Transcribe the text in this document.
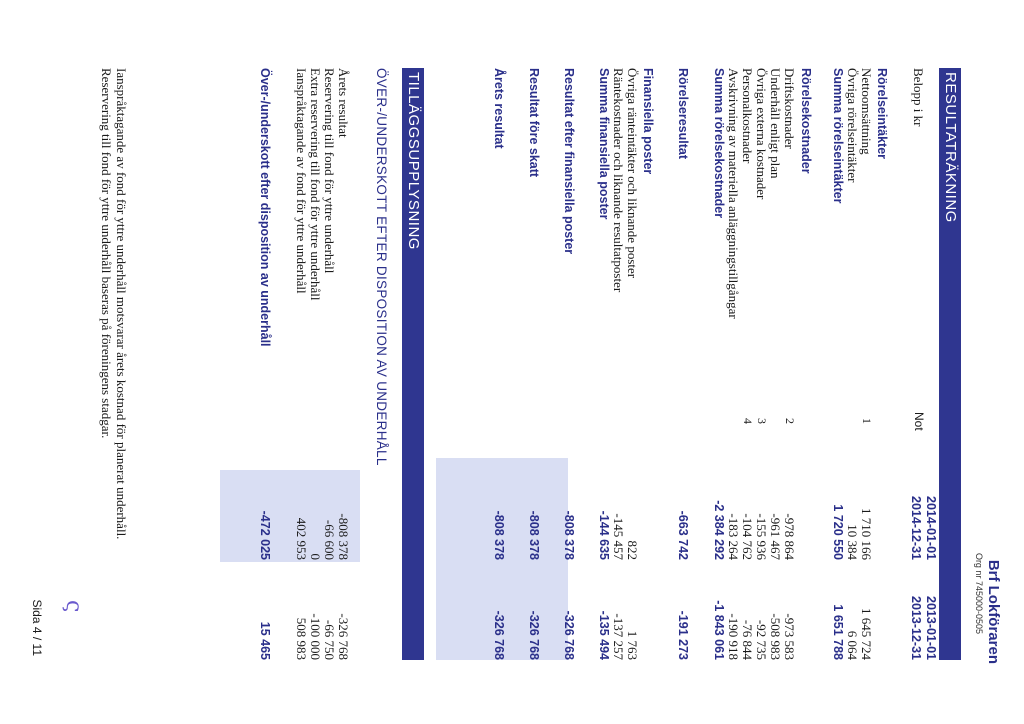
Brf Lokföraren
Org nr 745000-0505
RESULTATRÄKNING
Belopp i kr
Not
2014-01-01
2014-12-31
2013-01-01
2013-12-31
Rörelseintäkter
Nettoomsättning
1
1 710 166
1 645 724
Övriga rörelseintäkter
10 384
6 064
Summa rörelseintäkter
1 720 550
1 651 788
Rörelsekostnader
Driftskostnader
2
-978 864
-973 583
Underhåll enligt plan
-961 467
-508 983
Övriga externa kostnader
3
-155 936
-92 735
Personalkostnader
4
-104 762
-76 844
Avskrivning av materiella anläggningstillgångar
-183 264
-190 918
Summa rörelsekostnader
-2 384 292
-1 843 061
Rörelseresultat
-663 742
-191 273
Finansiella poster
Övriga ränteintäkter och liknande poster
822
1 763
Räntekostnader och liknande resultatposter
-145 457
-137 257
Summa finansiella poster
-144 635
-135 494
Resultat efter finansiella poster
-808 378
-326 768
Resultat före skatt
-808 378
-326 768
Årets resultat
-808 378
-326 768
TILLÄGGSUPPLYSNING
ÖVER-/UNDERSKOTT EFTER DISPOSITION AV UNDERHÅLL
Årets resultat
-808 378
-326 768
Reservering till fond för yttre underhåll
-66 600
-66 750
Extra reservering till fond för yttre underhåll
0
-100 000
Ianspråktagande av fond för yttre underhåll
402 953
508 983
Över-/underskott efter disposition av underhåll
-472 025
15 465
Ianspråktagande av fond för yttre underhåll motsvarar årets kostnad för planerat underhåll.
Reservering till fond för yttre underhåll baseras på föreningens stadgar.
ς
Sida 4 / 11
